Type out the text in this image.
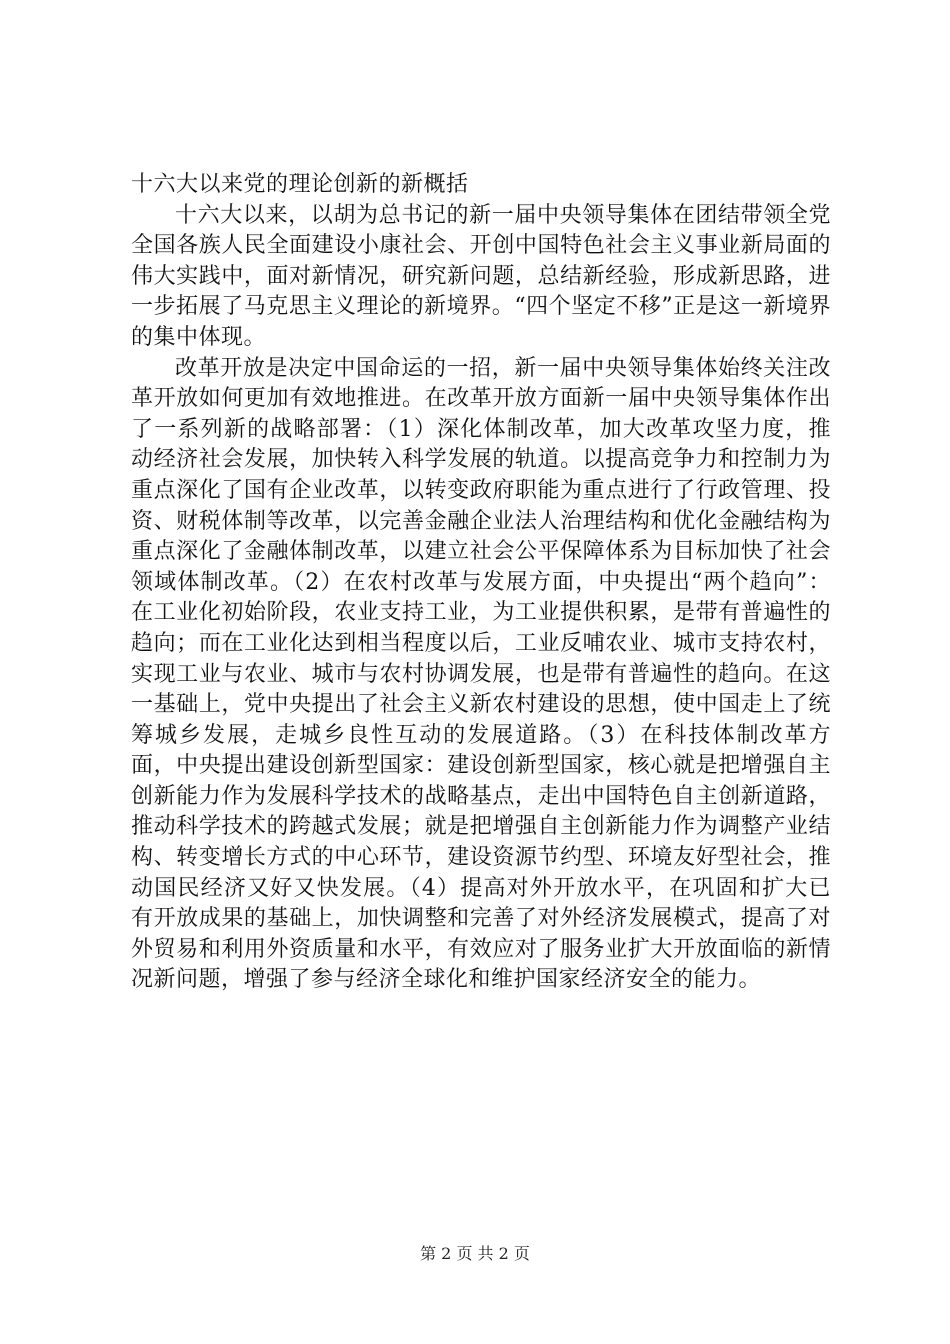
十六大以来党的理论创新的新概括

十六大以来，以胡为总书记的新一届中央领导集体在团结带领全党全国各族人民全面建设小康社会、开创中国特色社会主义事业新局面的伟大实践中，面对新情况，研究新问题，总结新经验，形成新思路，进一步拓展了马克思主义理论的新境界。“四个坚定不移”正是这一新境界的集中体现。

改革开放是决定中国命运的一招，新一届中央领导集体始终关注改革开放如何更加有效地推进。在改革开放方面新一届中央领导集体作出了一系列新的战略部署：（1）深化体制改革，加大改革攻坚力度，推动经济社会发展，加快转入科学发展的轨道。以提高竞争力和控制力为重点深化了国有企业改革，以转变政府职能为重点进行了行政管理、投资、财税体制等改革，以完善金融企业法人治理结构和优化金融结构为重点深化了金融体制改革，以建立社会公平保障体系为目标加快了社会领域体制改革。（2）在农村改革与发展方面，中央提出“两个趋向”：在工业化初始阶段，农业支持工业，为工业提供积累，是带有普遍性的趋向；而在工业化达到相当程度以后，工业反哺农业、城市支持农村，实现工业与农业、城市与农村协调发展，也是带有普遍性的趋向。在这一基础上，党中央提出了社会主义新农村建设的思想，使中国走上了统筹城乡发展，走城乡良性互动的发展道路。（3）在科技体制改革方面，中央提出建设创新型国家：建设创新型国家，核心就是把增强自主创新能力作为发展科学技术的战略基点，走出中国特色自主创新道路，推动科学技术的跨越式发展；就是把增强自主创新能力作为调整产业结构、转变增长方式的中心环节，建设资源节约型、环境友好型社会，推动国民经济又好又快发展。（4）提高对外开放水平，在巩固和扩大已有开放成果的基础上，加快调整和完善了对外经济发展模式，提高了对外贸易和利用外资质量和水平，有效应对了服务业扩大开放面临的新情况新问题，增强了参与经济全球化和维护国家经济安全的能力。

第 2 页 共 2 页
